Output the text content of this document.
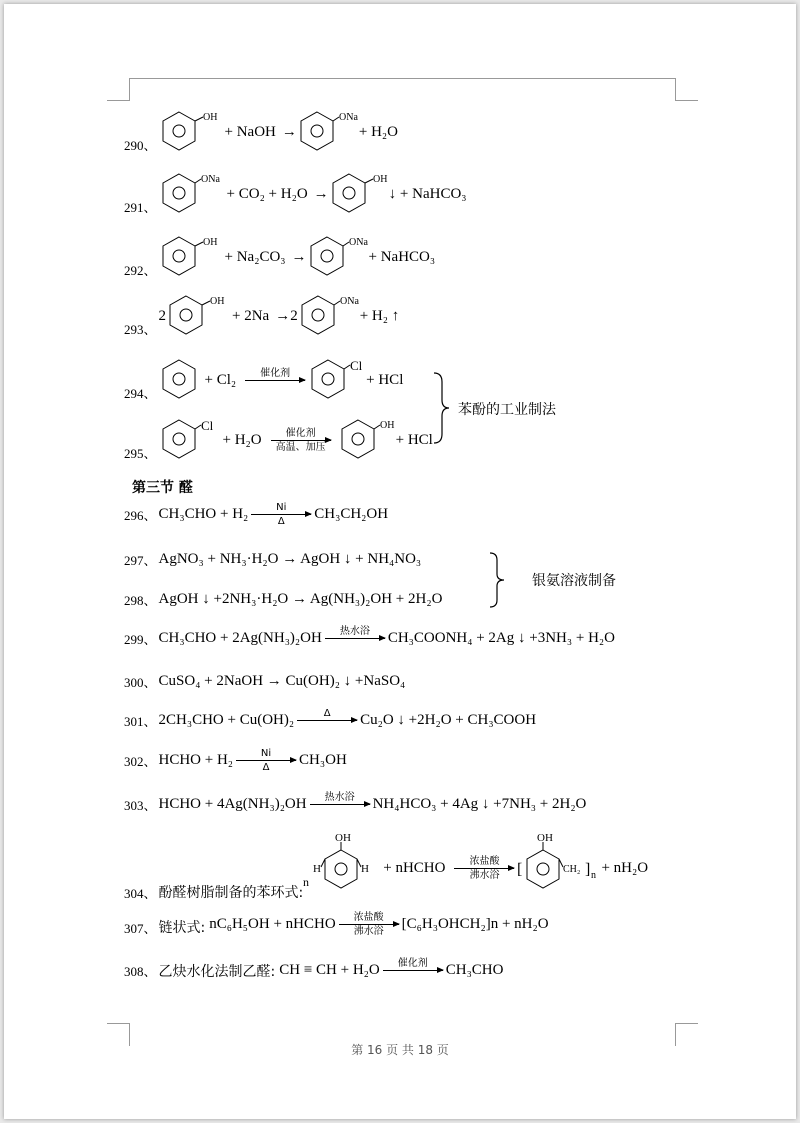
290、
OH
+ NaOH →
ONa
+ H₂O
291、
ONa
+ CO₂ + H₂O →
OH
↓ + NaHCO₃
292、
OH
+ Na₂CO₃ →
ONa
+ NaHCO₃
293、
2
OH
+ 2Na → 2
ONa
+ H₂ ↑
294、
+ Cl₂ 催化剂	Cl
+ HCl
295、
Cl
+ H₂O 催化剂
高温、加压
OH
+ HCl
苯酚的工业制法
第三节 醛
296、 CH₃CHO + H₂	Ni
Δ CH₃CH₂OH
297、 AgNO₃ + NH₃·H₂O → AgOH ↓ + NH₄NO₃
298、 AgOH ↓ +2NH₃·H₂O → Ag(NH₃)₂OH + 2H₂O
银氨溶液制备
299、 CH₃CHO + 2Ag(NH₃)₂OH 热水浴 CH₃COONH₄ + 2Ag ↓ +3NH₃ + H₂O
300、 CuSO₄ + 2NaOH → Cu(OH)₂ ↓ +NaSO₄
301、 2CH₃CHO + Cu(OH)₂	Δ Cu₂O ↓ +2H₂O + CH₃COOH
302、 HCHO + H₂	Ni
Δ CH₃OH
303、 HCHO + 4Ag(NH₃)₂OH 热水浴 NH₄HCO₃ + 4Ag ↓ +7NH₃ + 2H₂O
304、 酚醛树脂制备的苯环式:
n
H
OH
H + nHCHO 浓盐酸
沸水浴 [
OH
CH₂ ] n + nH₂O
307、 链状式: nC₆H₅OH + nHCHO 浓盐酸
沸水浴 [C₆H₃OHCH₂]n + nH₂O
308、 乙炔水化法制乙醛: CH ≡ CH + H₂O 催化剂 CH₃CHO
第 16 页 共 18 页
